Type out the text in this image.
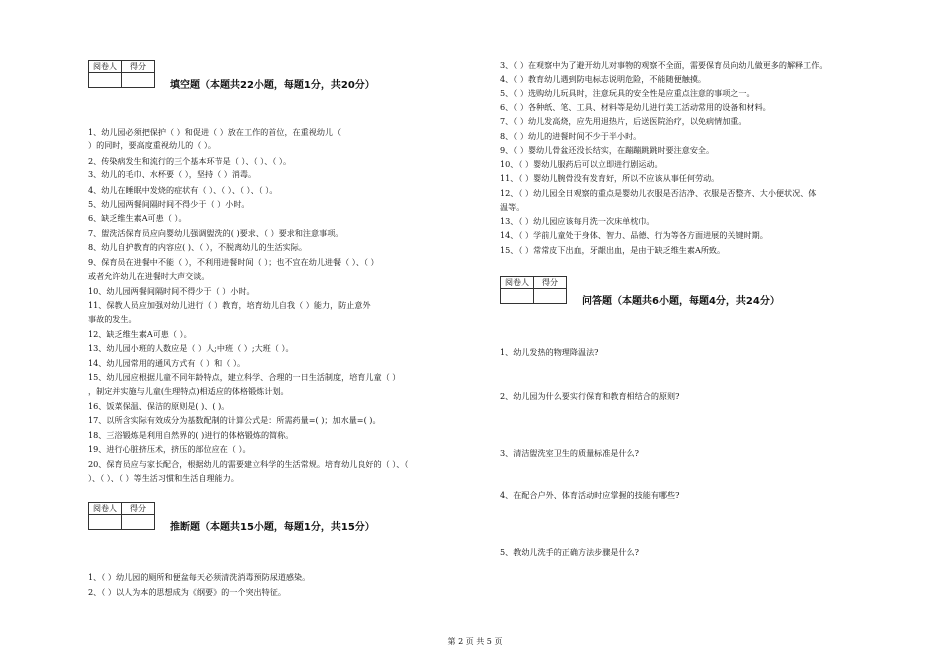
阅卷人	得分

填空题（本题共22小题，每题1分，共20分）
1、幼儿园必须把保护（ ）和促进（ ）放在工作的首位，在重视幼儿（
）的同时，要高度重视幼儿的（ ）。
2、传染病发生和流行的三个基本环节是（ ）、（ ）、（ ）。
3、幼儿的毛巾、水杯要（ ），坚持（ ）消毒。
4、幼儿在睡眠中发烧的症状有（ ）、（ ）、（ ）、（ ）。
5、幼儿园两餐间隔时间不得少于（ ）小时。
6、缺乏维生素A可患（ ）。
7、盥洗活保育员应向婴幼儿强调盥洗的( )要求、（ ）要求和注意事项。
8、幼儿自护教育的内容应( )、（ ），不脱离幼儿的生活实际。
9、保育员在进餐中不能（ ），不利用进餐时间（ ）；也不宜在幼儿进餐（ ）、（ ）
或者允许幼儿在进餐时大声交谈。
10、幼儿园两餐间隔时间不得少于（ ）小时。
11、保教人员应加强对幼儿进行（ ）教育，培育幼儿自我（ ）能力，防止意外
事故的发生。
12、缺乏维生素A可患（ ）。
13、幼儿园小班的人数应是（ ）人;中班（ ）;大班（ ）。
14、幼儿园常用的通风方式有（ ）和（ ）。
15、幼儿园应根据儿童不同年龄特点，建立科学、合理的一日生活制度，培育儿童（ ）
，制定并实施与儿童(生理特点)相适应的体格锻炼计划。
16、饭菜保温、保洁的原则是( )、( )。
17、以所含实际有效成分为基数配制的计算公式是：所需药量=( )；加水量=( )。
18、三浴锻炼是利用自然界的( )进行的体格锻炼的简称。
19、进行心脏挤压术，挤压的部位应在（ ）。
20、保育员应与家长配合，根据幼儿的需要建立科学的生活常规。培育幼儿良好的（ ）、（
）、（ ）、（ ）等生活习惯和生活自理能力。
阅卷人	得分

推断题（本题共15小题，每题1分，共15分）
1、（ ）幼儿园的厕所和便盆每天必须清洗消毒预防尿道感染。
2、（ ）以人为本的思想成为《纲要》的一个突出特征。
3、（ ）在观察中为了避开幼儿对事物的观察不全面，需要保育员向幼儿做更多的解释工作。
4、（ ）教育幼儿遇到防电标志说明危险，不能随便触摸。
5、（ ）选购幼儿玩具时，注意玩具的安全性是应重点注意的事项之一。
6、（ ）各种纸、笔、工具、材料等是幼儿进行美工活动常用的设备和材料。
7、（ ）幼儿发高烧，应先用退热片，后送医院治疗，以免病情加重。
8、（ ）幼儿的进餐时间不少于半小时。
9、（ ）婴幼儿骨盆还没长结实，在蹦蹦跳跳时要注意安全。
10、（ ）婴幼儿服药后可以立即进行剧运动。
11、（ ）婴幼儿腕骨没有发育好，所以不应该从事任何劳动。
12、（ ）幼儿园全日观察的重点是婴幼儿衣服是否洁净、衣服是否整齐、大小便状况、体
温等。
13、（ ）幼儿园应该每月洗一次床单枕巾。
14、（ ）学前儿童处于身体、智力、品德、行为等各方面进展的关键时期。
15、（ ）常常皮下出血，牙龈出血，是由于缺乏维生素A所致。
阅卷人	得分

问答题（本题共6小题，每题4分，共24分）
1、幼儿发热的物理降温法?
2、幼儿园为什么要实行保育和教育相结合的原则?
3、清洁盥洗室卫生的质量标准是什么?
4、在配合户外、体育活动时应掌握的技能有哪些?
5、教幼儿洗手的正确方法步骤是什么?
第 2 页 共 5 页
